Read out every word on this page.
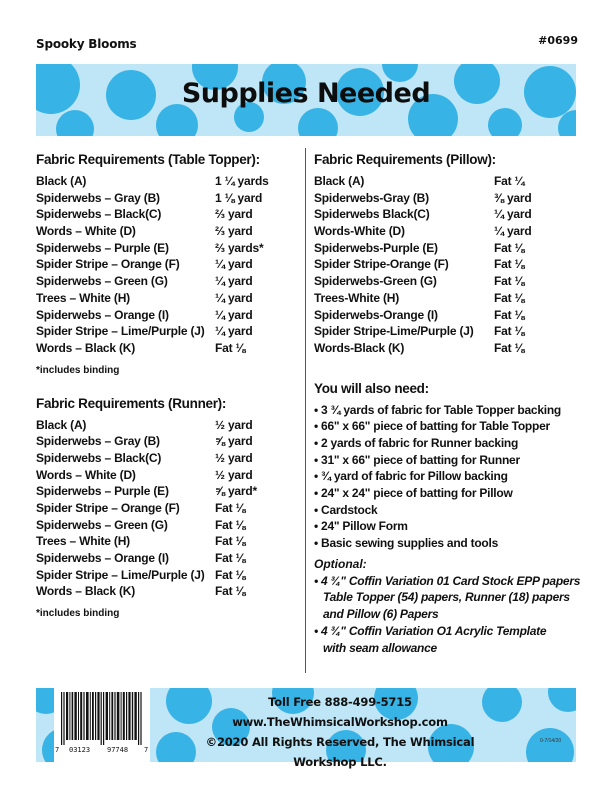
Spooky Blooms	#0699
Supplies Needed
Fabric Requirements (Table Topper):
Black (A)	1 ¼ yards
Spiderwebs – Gray (B)	1 ⅛ yard
Spiderwebs – Black(C)	⅔ yard
Words – White (D)	⅔ yard
Spiderwebs – Purple (E)	⅔ yards*
Spider Stripe – Orange (F)	¼ yard
Spiderwebs – Green (G)	¼ yard
Trees – White (H)	¼ yard
Spiderwebs – Orange (I)	¼ yard
Spider Stripe – Lime/Purple (J) ¼ yard
Words – Black (K)	Fat ⅛
*includes binding
Fabric Requirements (Runner):
Black (A)	½ yard
Spiderwebs – Gray (B)	⅝ yard
Spiderwebs – Black(C)	½ yard
Words – White (D)	½ yard
Spiderwebs – Purple (E)	⅝ yard*
Spider Stripe – Orange (F)	Fat ⅛
Spiderwebs – Green (G)	Fat ⅛
Trees – White (H)	Fat ⅛
Spiderwebs – Orange (I)	Fat ⅛
Spider Stripe – Lime/Purple (J) Fat ⅛
Words – Black (K)	Fat ⅛
*includes binding
Fabric Requirements (Pillow):
Black (A)	Fat ¼
Spiderwebs-Gray (B)	⅜ yard
Spiderwebs Black(C)	¼ yard
Words-White (D)	¼ yard
Spiderwebs-Purple (E)	Fat ⅛
Spider Stripe-Orange (F)	Fat ⅛
Spiderwebs-Green (G)	Fat ⅛
Trees-White (H)	Fat ⅛
Spiderwebs-Orange (I)	Fat ⅛
Spider Stripe-Lime/Purple (J) Fat ⅛
Words-Black (K)	Fat ⅛
You will also need:
• 3 ¾ yards of fabric for Table Topper backing
• 66" x 66" piece of batting for Table Topper
• 2 yards of fabric for Runner backing
• 31" x 66" piece of batting for Runner
• ¾ yard of fabric for Pillow backing
• 24" x 24" piece of batting for Pillow
• Cardstock
• 24" Pillow Form
• Basic sewing supplies and tools
Optional:
• 4 ¾" Coffin Variation 01 Card Stock EPP papers
Table Topper (54) papers, Runner (18) papers
and Pillow (6) Papers
• 4 ¾" Coffin Variation O1 Acrylic Template
with seam allowance
7 03123 97748 7
Toll Free 888-499-5715
www.TheWhimsicalWorkshop.com
©2020 All Rights Reserved, The Whimsical Workshop LLC.
0-7/14/20
